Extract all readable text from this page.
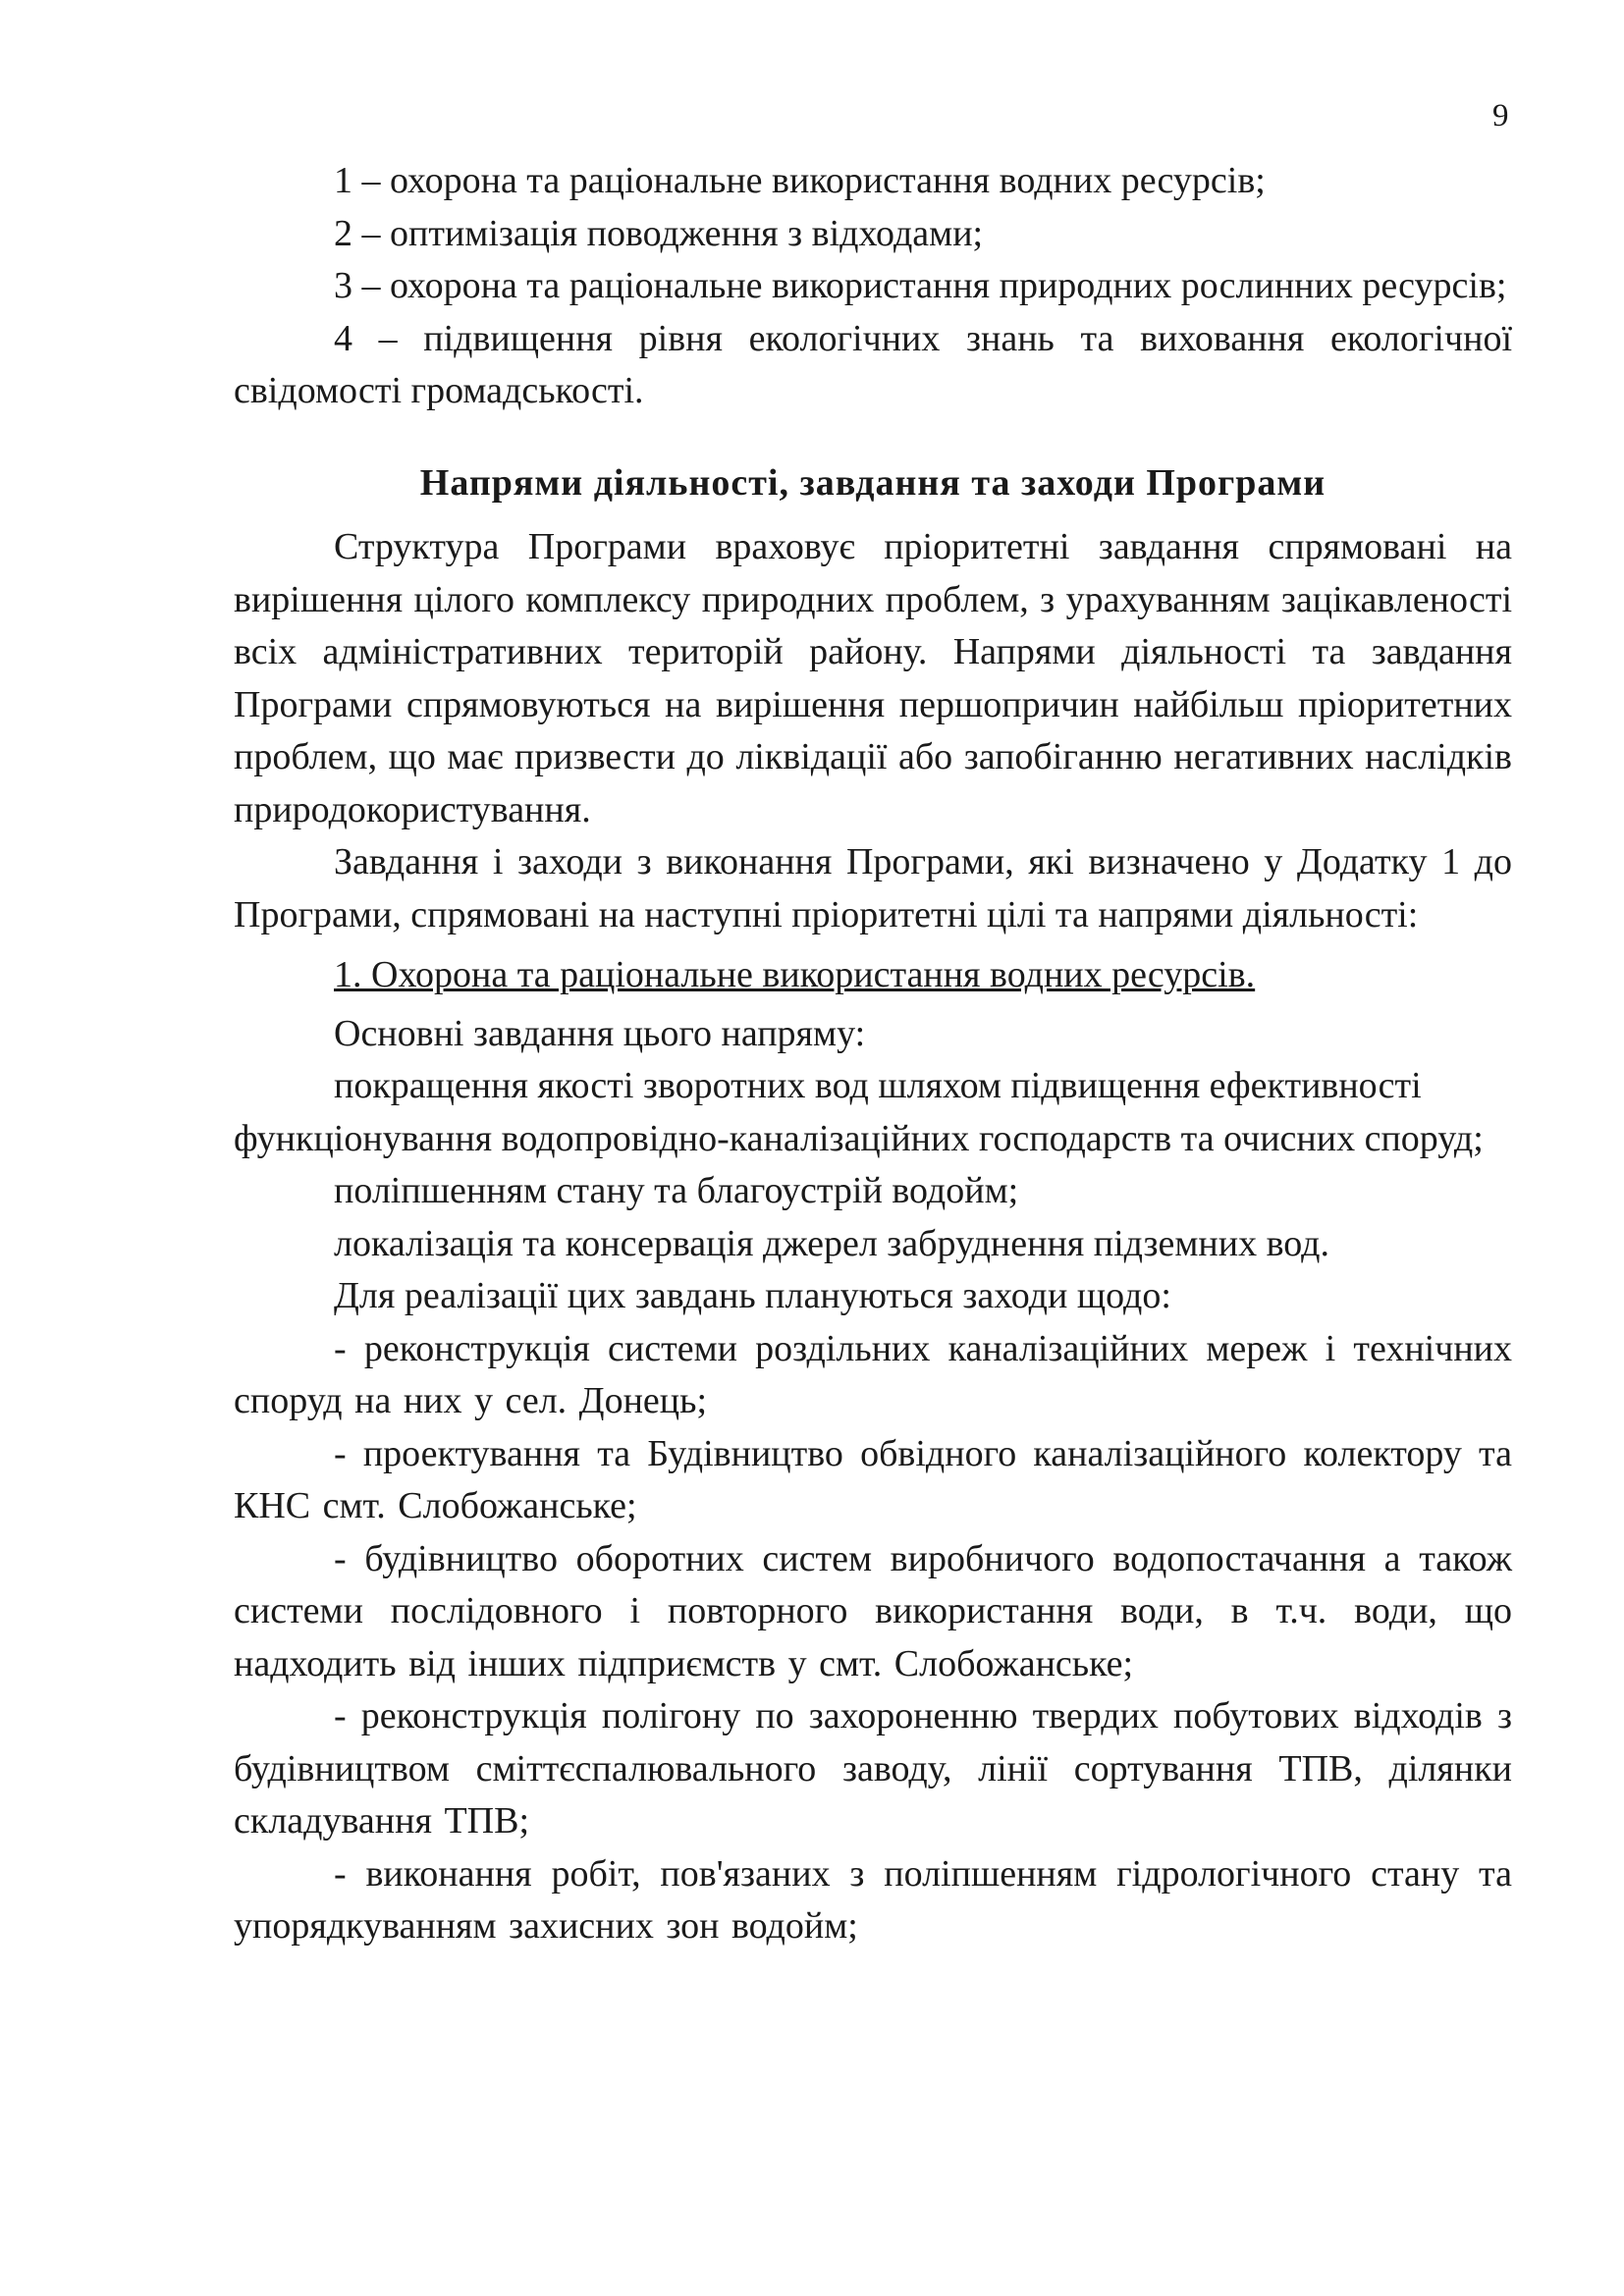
9

1 – охорона та раціональне використання водних ресурсів;

2 – оптимізація поводження з відходами;

3 – охорона та раціональне використання природних рослинних ресурсів;

4 – підвищення рівня екологічних знань та виховання екологічної свідомості громадськості.

Напрями діяльності, завдання та заходи Програми

Структура Програми враховує пріоритетні завдання спрямовані на вирішення цілого комплексу природних проблем, з урахуванням зацікавленості всіх адміністративних територій району. Напрями діяльності та завдання Програми спрямовуються на вирішення першопричин найбільш пріоритетних проблем, що має призвести до ліквідації або запобіганню негативних наслідків природокористування.

Завдання і заходи з виконання Програми, які визначено у Додатку 1 до Програми, спрямовані на наступні пріоритетні цілі та напрями діяльності:

1. Охорона та раціональне використання водних ресурсів.

Основні завдання цього напряму:

покращення якості зворотних вод шляхом підвищення ефективності функціонування водопровідно-каналізаційних господарств та очисних споруд;

поліпшенням стану та благоустрій водойм;

локалізація та консервація джерел забруднення підземних вод.

Для реалізації цих завдань плануються заходи щодо:

- реконструкція системи роздільних каналізаційних мереж і технічних споруд на них у сел. Донець;

- проектування та Будівництво обвідного каналізаційного колектору та КНС смт. Слобожанське;

- будівництво оборотних систем виробничого водопостачання а також системи послідовного і повторного використання води, в т.ч. води, що надходить від інших підприємств у смт. Слобожанське;

- реконструкція полігону по захороненню твердих побутових відходів з будівництвом сміттєспалювального заводу, лінії сортування ТПВ, ділянки складування ТПВ;

- виконання робіт, пов'язаних з поліпшенням гідрологічного стану та упорядкуванням захисних зон водойм;
